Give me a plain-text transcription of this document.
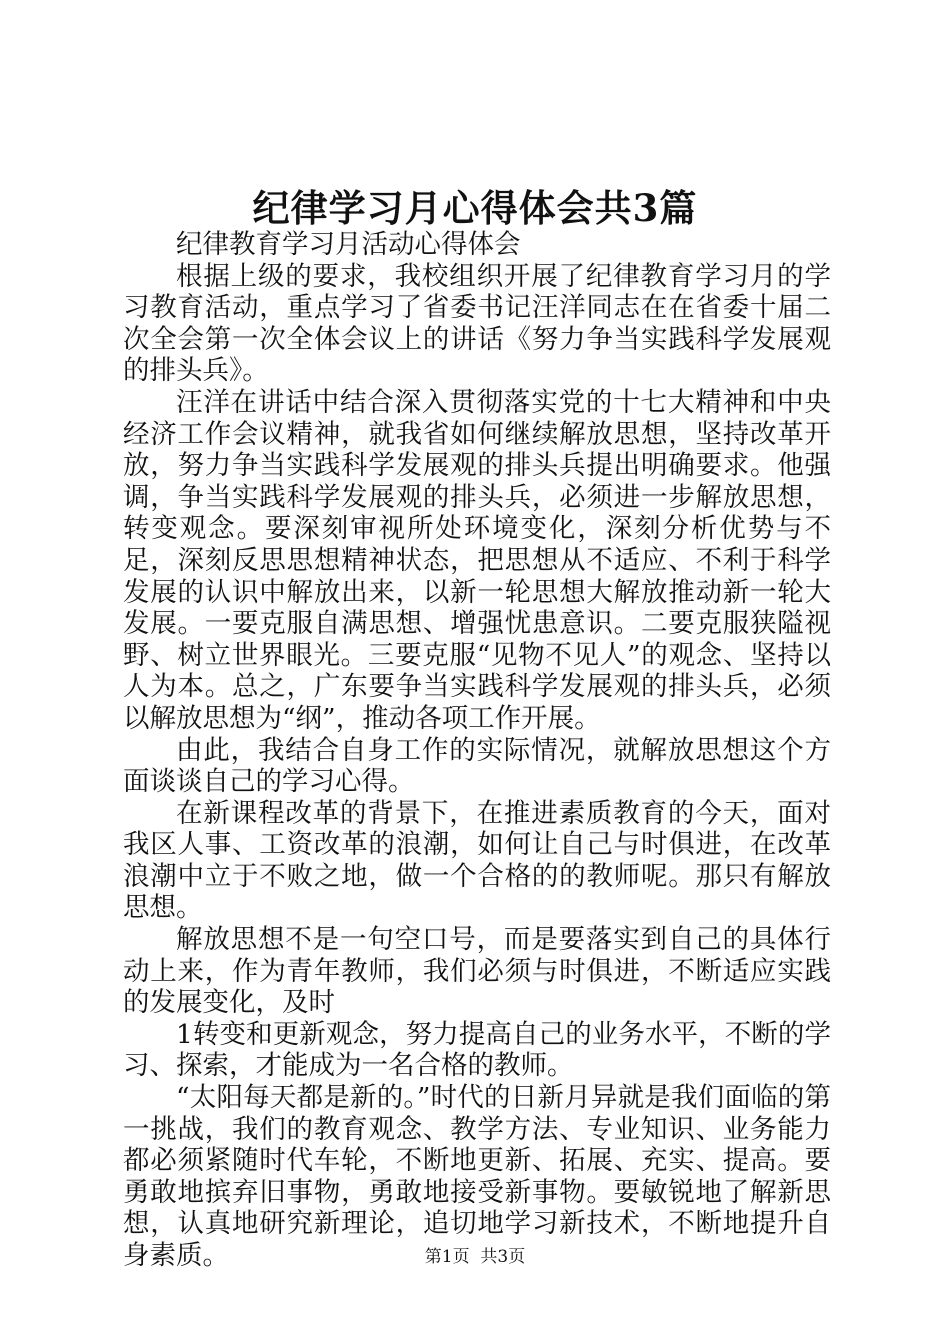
纪律学习月心得体会共3篇

纪律教育学习月活动心得体会

根据上级的要求，我校组织开展了纪律教育学习月的学习教育活动，重点学习了省委书记汪洋同志在在省委十届二次全会第一次全体会议上的讲话《努力争当实践科学发展观的排头兵》。

汪洋在讲话中结合深入贯彻落实党的十七大精神和中央经济工作会议精神，就我省如何继续解放思想，坚持改革开放，努力争当实践科学发展观的排头兵提出明确要求。他强调，争当实践科学发展观的排头兵，必须进一步解放思想，转变观念。要深刻审视所处环境变化，深刻分析优势与不足，深刻反思思想精神状态，把思想从不适应、不利于科学发展的认识中解放出来，以新一轮思想大解放推动新一轮大发展。一要克服自满思想、增强忧患意识。二要克服狭隘视野、树立世界眼光。三要克服“见物不见人”的观念、坚持以人为本。总之，广东要争当实践科学发展观的排头兵，必须以解放思想为“纲”，推动各项工作开展。

由此，我结合自身工作的实际情况，就解放思想这个方面谈谈自己的学习心得。

在新课程改革的背景下，在推进素质教育的今天，面对我区人事、工资改革的浪潮，如何让自己与时俱进，在改革浪潮中立于不败之地，做一个合格的的教师呢。那只有解放思想。

解放思想不是一句空口号，而是要落实到自己的具体行动上来，作为青年教师，我们必须与时俱进，不断适应实践的发展变化，及时

1转变和更新观念，努力提高自己的业务水平，不断的学习、探索，才能成为一名合格的教师。

“太阳每天都是新的。”时代的日新月异就是我们面临的第一挑战，我们的教育观念、教学方法、专业知识、业务能力都必须紧随时代车轮，不断地更新、拓展、充实、提高。要勇敢地摈弃旧事物，勇敢地接受新事物。要敏锐地了解新思想，认真地研究新理论，追切地学习新技术，不断地提升自身素质。	第1页 共3页
